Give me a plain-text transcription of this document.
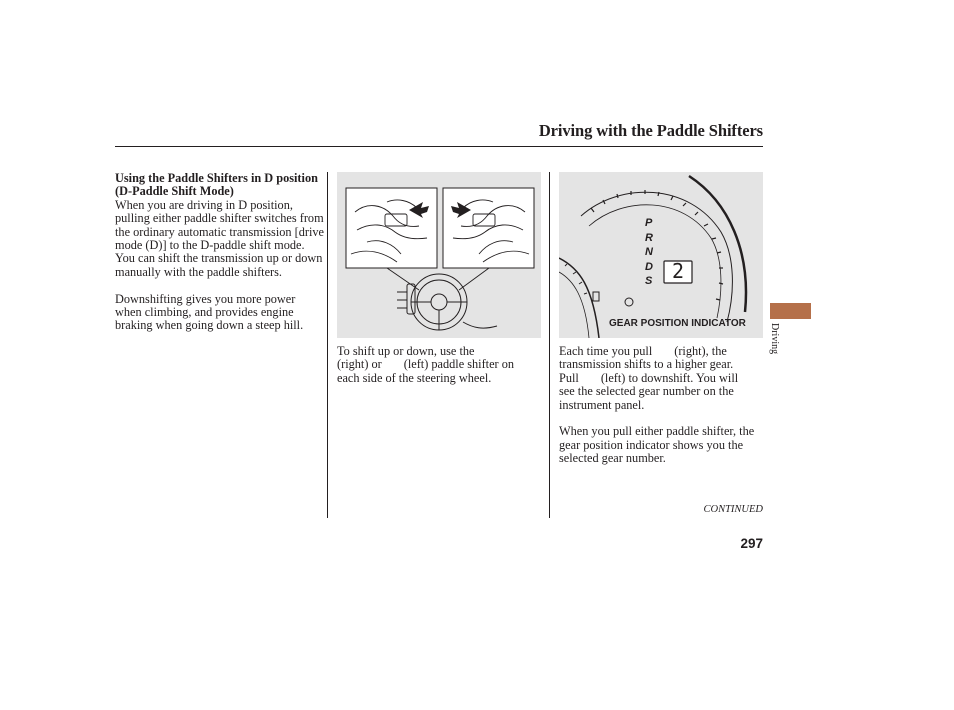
Driving with the Paddle Shifters

Using the Paddle Shifters in D position (D-Paddle Shift Mode)

When you are driving in D position, pulling either paddle shifter switches from the ordinary automatic transmission [drive mode (D)] to the D-paddle shift mode. You can shift the transmission up or down manually with the paddle shifters.

Downshifting gives you more power when climbing, and provides engine braking when going down a steep hill.

P
R
N
D
S 2
GEAR POSITION INDICATOR

To shift up or down, use the

(right) or (left) paddle shifter on

each side of the steering wheel.

Each time you pull (right), the

transmission shifts to a higher gear.

Pull (left) to downshift. You will

see the selected gear number on the

instrument panel.

When you pull either paddle shifter, the gear position indicator shows you the selected gear number.

CONTINUED
297
Driving
